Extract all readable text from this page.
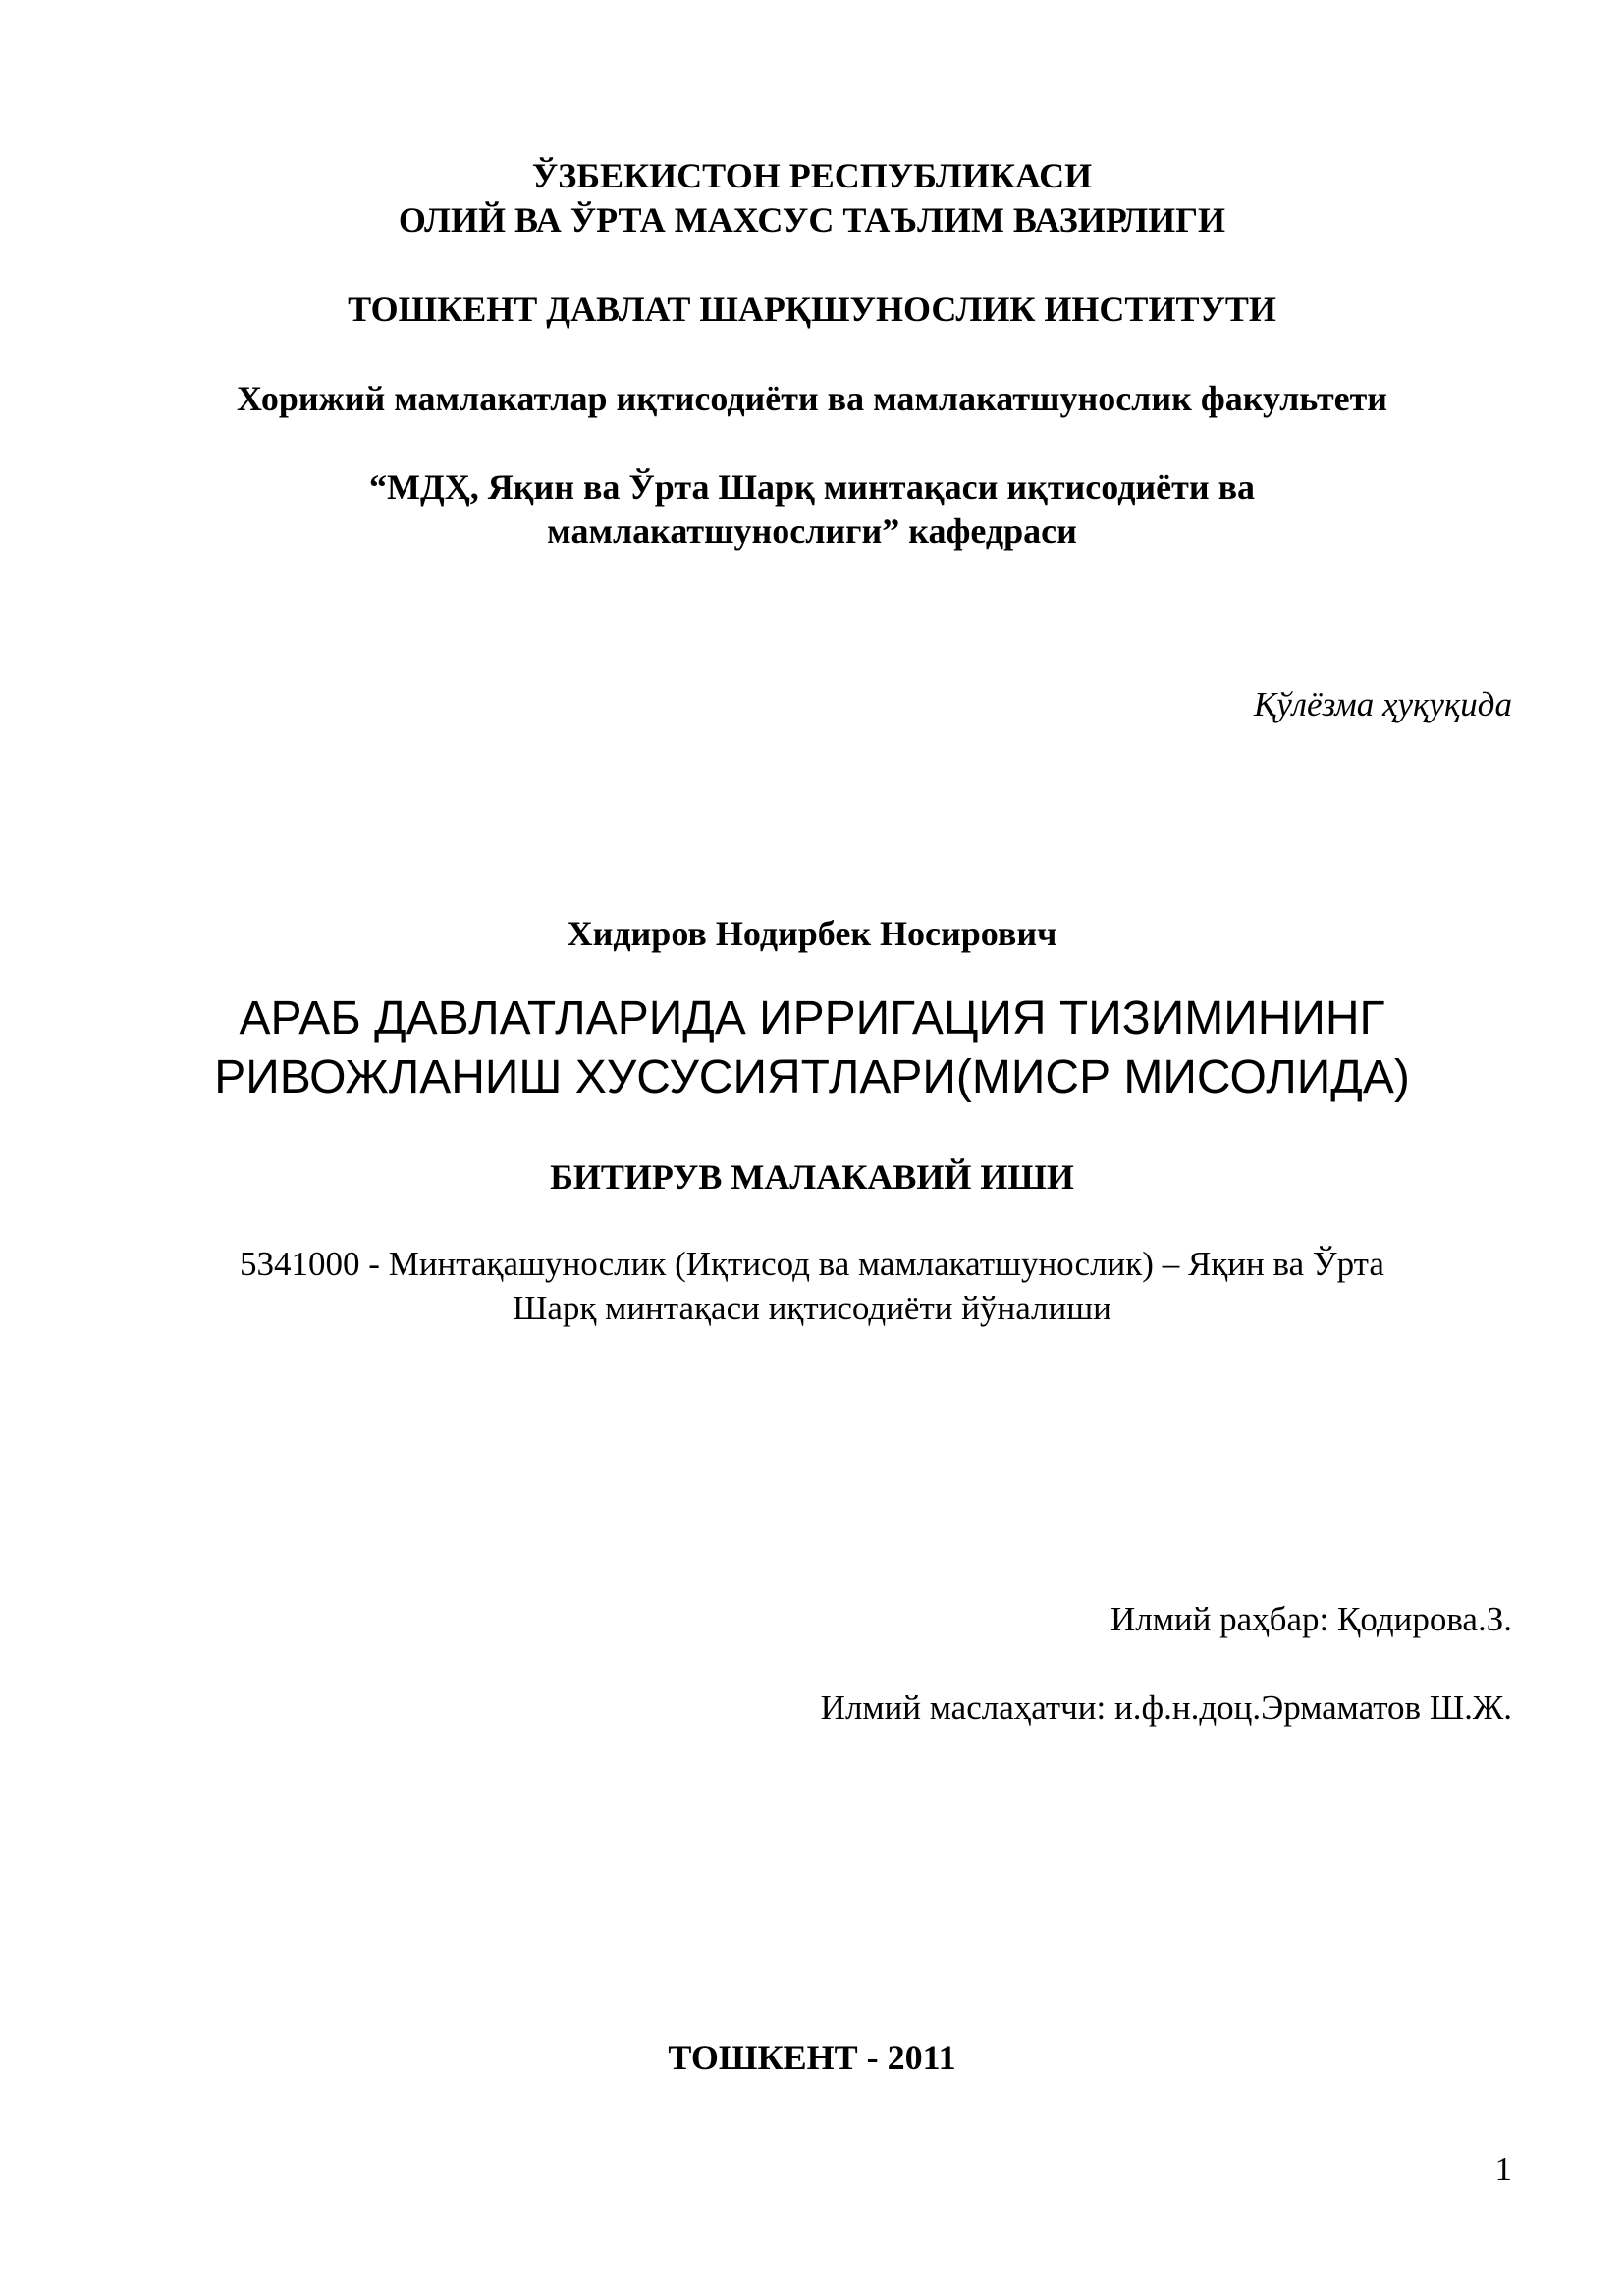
ЎЗБЕКИСТОН РЕСПУБЛИКАСИ
ОЛИЙ ВА ЎРТА МАХСУС ТАЪЛИМ ВАЗИРЛИГИ
ТОШКЕНТ ДАВЛАТ ШАРҚШУНОСЛИК ИНСТИТУТИ
Хорижий мамлакатлар иқтисодиёти ва мамлакатшунослик факультети
“МДҲ, Яқин ва Ўрта Шарқ минтақаси иқтисодиёти ва
мамлакатшунослиги” кафедраси
Қўлёзма ҳуқуқида
Хидиров Нодирбек Носирович
АРАБ ДАВЛАТЛАРИДА ИРРИГАЦИЯ ТИЗИМИНИНГ
РИВОЖЛАНИШ ХУСУСИЯТЛАРИ(МИСР МИСОЛИДА)
БИТИРУВ МАЛАКАВИЙ ИШИ
5341000 - Минтақашунослик (Иқтисод ва мамлакатшунослик) – Яқин ва Ўрта
Шарқ минтақаси иқтисодиёти йўналиши
Илмий раҳбар: Қодирова.З.
Илмий маслаҳатчи: и.ф.н.доц.Эрмаматов Ш.Ж.
ТОШКЕНТ - 2011
1
